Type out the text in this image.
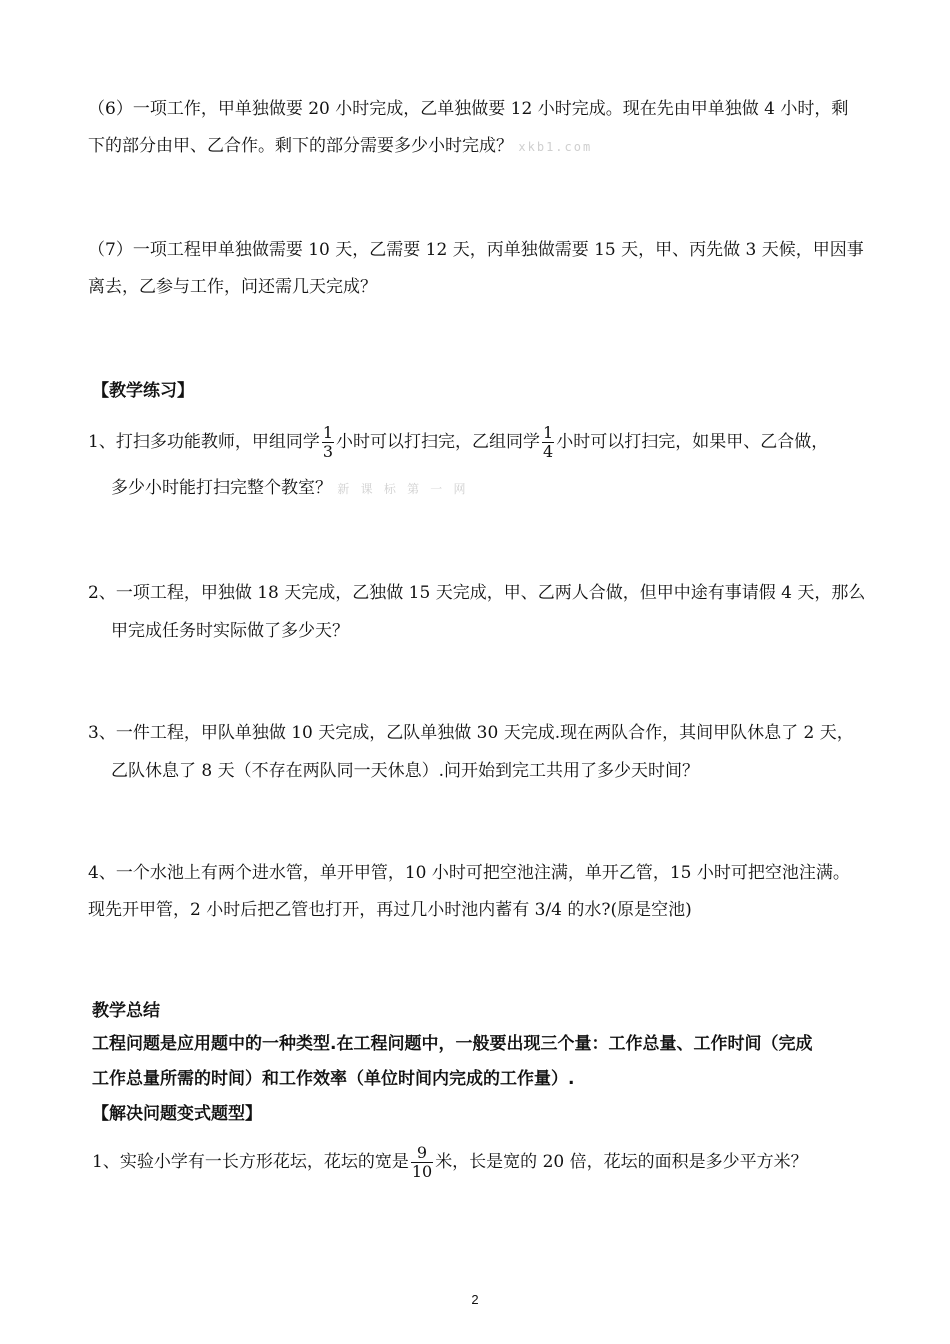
（6）一项工作，甲单独做要 20 小时完成，乙单独做要 12 小时完成。现在先由甲单独做 4 小时，剩
下的部分由甲、乙合作。剩下的部分需要多少小时完成？ xkb1.com
（7）一项工程甲单独做需要 10 天，乙需要 12 天，丙单独做需要 15 天，甲、丙先做 3 天候，甲因事
离去，乙参与工作，问还需几天完成？
【教学练习】
1、打扫多功能教师，甲组同学 $\frac{1}{3}$ 小时可以打扫完，乙组同学 $\frac{1}{4}$ 小时可以打扫完，如果甲、乙合做，
多少小时能打扫完整个教室？ 新 课 标 第 一 网
2、一项工程，甲独做 18 天完成，乙独做 15 天完成，甲、乙两人合做，但甲中途有事请假 4 天，那么
甲完成任务时实际做了多少天？
3、一件工程，甲队单独做 10 天完成，乙队单独做 30 天完成.现在两队合作，其间甲队休息了 2 天，
乙队休息了 8 天（不存在两队同一天休息）.问开始到完工共用了多少天时间？
4、一个水池上有两个进水管，单开甲管，10 小时可把空池注满，单开乙管，15 小时可把空池注满。
现先开甲管，2 小时后把乙管也打开，再过几小时池内蓄有 3/4 的水?(原是空池)
教学总结
工程问题是应用题中的一种类型.在工程问题中，一般要出现三个量：工作总量、工作时间（完成
工作总量所需的时间）和工作效率（单位时间内完成的工作量）.
【解决问题变式题型】
1、实验小学有一长方形花坛，花坛的宽是 $\frac{9}{10}$ 米，长是宽的 20 倍，花坛的面积是多少平方米？
2
